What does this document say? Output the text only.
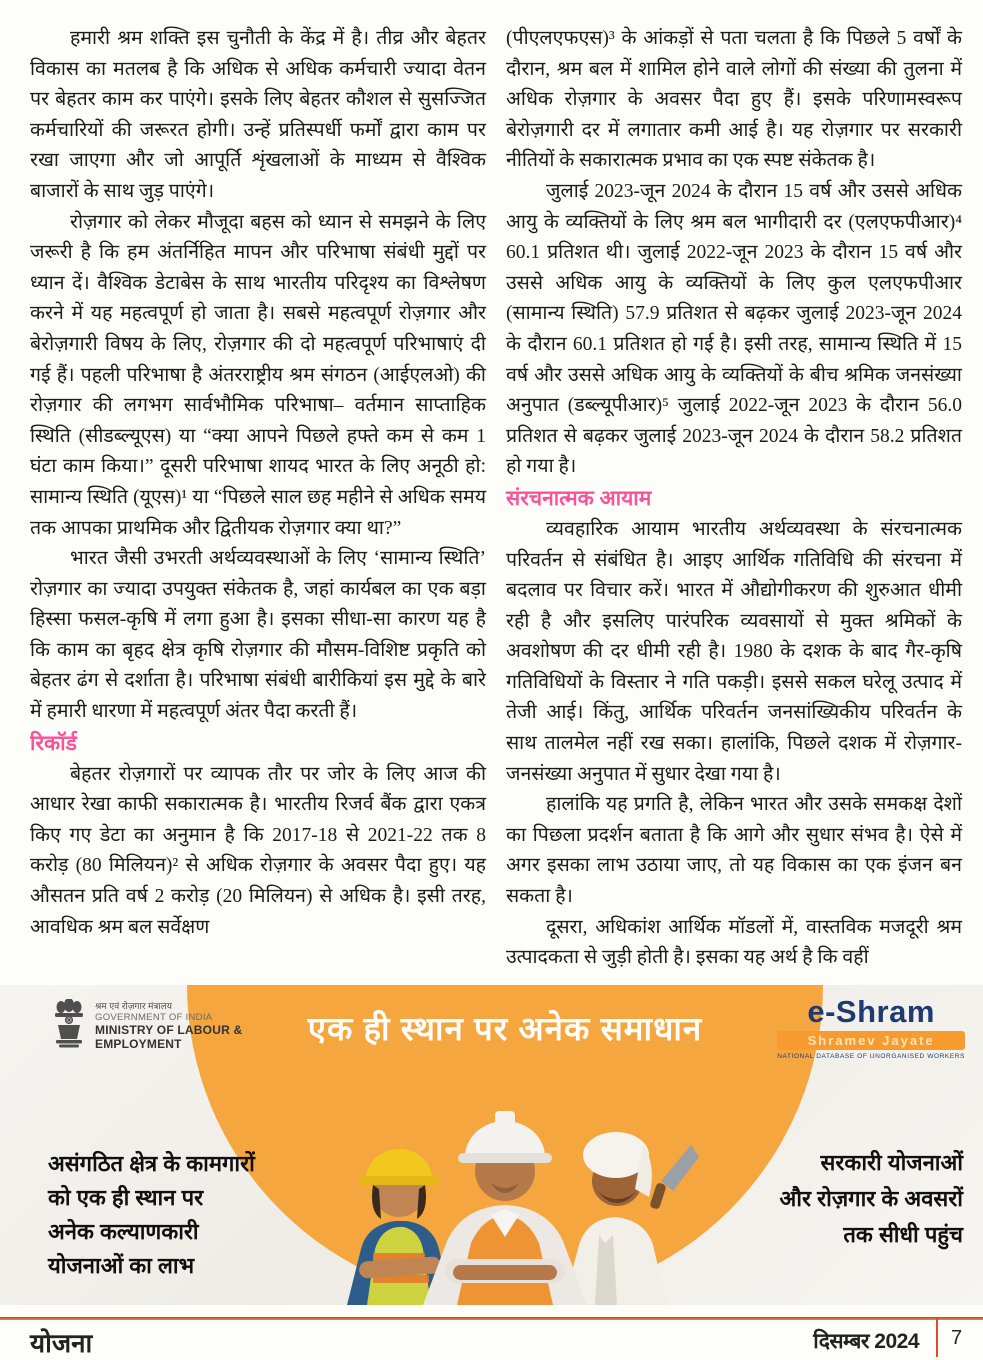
हमारी श्रम शक्ति इस चुनौती के केंद्र में है। तीव्र और बेहतर विकास का मतलब है कि अधिक से अधिक कर्मचारी ज्यादा वेतन पर बेहतर काम कर पाएंगे। इसके लिए बेहतर कौशल से सुसज्जित कर्मचारियों की जरूरत होगी। उन्हें प्रतिस्पर्धी फर्मों द्वारा काम पर रखा जाएगा और जो आपूर्ति शृंखलाओं के माध्यम से वैश्विक बाजारों के साथ जुड़ पाएंगे।

रोज़गार को लेकर मौजूदा बहस को ध्यान से समझने के लिए जरूरी है कि हम अंतर्निहित मापन और परिभाषा संबंधी मुद्दों पर ध्यान दें। वैश्विक डेटाबेस के साथ भारतीय परिदृश्य का विश्लेषण करने में यह महत्वपूर्ण हो जाता है। सबसे महत्वपूर्ण रोज़गार और बेरोज़गारी विषय के लिए, रोज़गार की दो महत्वपूर्ण परिभाषाएं दी गई हैं। पहली परिभाषा है अंतरराष्ट्रीय श्रम संगठन (आईएलओ) की रोज़गार की लगभग सार्वभौमिक परिभाषा– वर्तमान साप्ताहिक स्थिति (सीडब्ल्यूएस) या “क्या आपने पिछले हफ्ते कम से कम 1 घंटा काम किया।” दूसरी परिभाषा शायद भारत के लिए अनूठी हो: सामान्य स्थिति (यूएस)¹ या “पिछले साल छह महीने से अधिक समय तक आपका प्राथमिक और द्वितीयक रोज़गार क्या था?”

भारत जैसी उभरती अर्थव्यवस्थाओं के लिए ‘सामान्य स्थिति’ रोज़गार का ज्यादा उपयुक्त संकेतक है, जहां कार्यबल का एक बड़ा हिस्सा फसल-कृषि में लगा हुआ है। इसका सीधा-सा कारण यह है कि काम का बृहद क्षेत्र कृषि रोज़गार की मौसम-विशिष्ट प्रकृति को बेहतर ढंग से दर्शाता है। परिभाषा संबंधी बारीकियां इस मुद्दे के बारे में हमारी धारणा में महत्वपूर्ण अंतर पैदा करती हैं।

रिकॉर्ड

बेहतर रोज़गारों पर व्यापक तौर पर जोर के लिए आज की आधार रेखा काफी सकारात्मक है। भारतीय रिजर्व बैंक द्वारा एकत्र किए गए डेटा का अनुमान है कि 2017-18 से 2021-22 तक 8 करोड़ (80 मिलियन)² से अधिक रोज़गार के अवसर पैदा हुए। यह औसतन प्रति वर्ष 2 करोड़ (20 मिलियन) से अधिक है। इसी तरह, आवधिक श्रम बल सर्वेक्षण

(पीएलएफएस)³ के आंकड़ों से पता चलता है कि पिछले 5 वर्षों के दौरान, श्रम बल में शामिल होने वाले लोगों की संख्या की तुलना में अधिक रोज़गार के अवसर पैदा हुए हैं। इसके परिणामस्वरूप बेरोज़गारी दर में लगातार कमी आई है। यह रोज़गार पर सरकारी नीतियों के सकारात्मक प्रभाव का एक स्पष्ट संकेतक है।

जुलाई 2023-जून 2024 के दौरान 15 वर्ष और उससे अधिक आयु के व्यक्तियों के लिए श्रम बल भागीदारी दर (एलएफपीआर)⁴ 60.1 प्रतिशत थी। जुलाई 2022-जून 2023 के दौरान 15 वर्ष और उससे अधिक आयु के व्यक्तियों के लिए कुल एलएफपीआर (सामान्य स्थिति) 57.9 प्रतिशत से बढ़कर जुलाई 2023-जून 2024 के दौरान 60.1 प्रतिशत हो गई है। इसी तरह, सामान्य स्थिति में 15 वर्ष और उससे अधिक आयु के व्यक्तियों के बीच श्रमिक जनसंख्या अनुपात (डब्ल्यूपीआर)⁵ जुलाई 2022-जून 2023 के दौरान 56.0 प्रतिशत से बढ़कर जुलाई 2023-जून 2024 के दौरान 58.2 प्रतिशत हो गया है।

संरचनात्मक आयाम

व्यवहारिक आयाम भारतीय अर्थव्यवस्था के संरचनात्मक परिवर्तन से संबंधित है। आइए आर्थिक गतिविधि की संरचना में बदलाव पर विचार करें। भारत में औद्योगीकरण की शुरुआत धीमी रही है और इसलिए पारंपरिक व्यवसायों से मुक्त श्रमिकों के अवशोषण की दर धीमी रही है। 1980 के दशक के बाद गैर-कृषि गतिविधियों के विस्तार ने गति पकड़ी। इससे सकल घरेलू उत्पाद में तेजी आई। किंतु, आर्थिक परिवर्तन जनसांख्यिकीय परिवर्तन के साथ तालमेल नहीं रख सका। हालांकि, पिछले दशक में रोज़गार-जनसंख्या अनुपात में सुधार देखा गया है।

हालांकि यह प्रगति है, लेकिन भारत और उसके समकक्ष देशों का पिछला प्रदर्शन बताता है कि आगे और सुधार संभव है। ऐसे में अगर इसका लाभ उठाया जाए, तो यह विकास का एक इंजन बन सकता है।

दूसरा, अधिकांश आर्थिक मॉडलों में, वास्तविक मजदूरी श्रम उत्पादकता से जुड़ी होती है। इसका यह अर्थ है कि वहीं

एक ही स्थान पर अनेक समाधान
श्रम एवं रोज़गार मंत्रालय
GOVERNMENT OF INDIA
MINISTRY OF LABOUR &
EMPLOYMENT
e-Shram
Shramev Jayate
NATIONAL DATABASE OF UNORGANISED WORKERS
असंगठित क्षेत्र के कामगारों
को एक ही स्थान पर
अनेक कल्याणकारी
योजनाओं का लाभ
सरकारी योजनाओं
और रोज़गार के अवसरों
तक सीधी पहुंच
योजना	दिसम्बर 2024 7
